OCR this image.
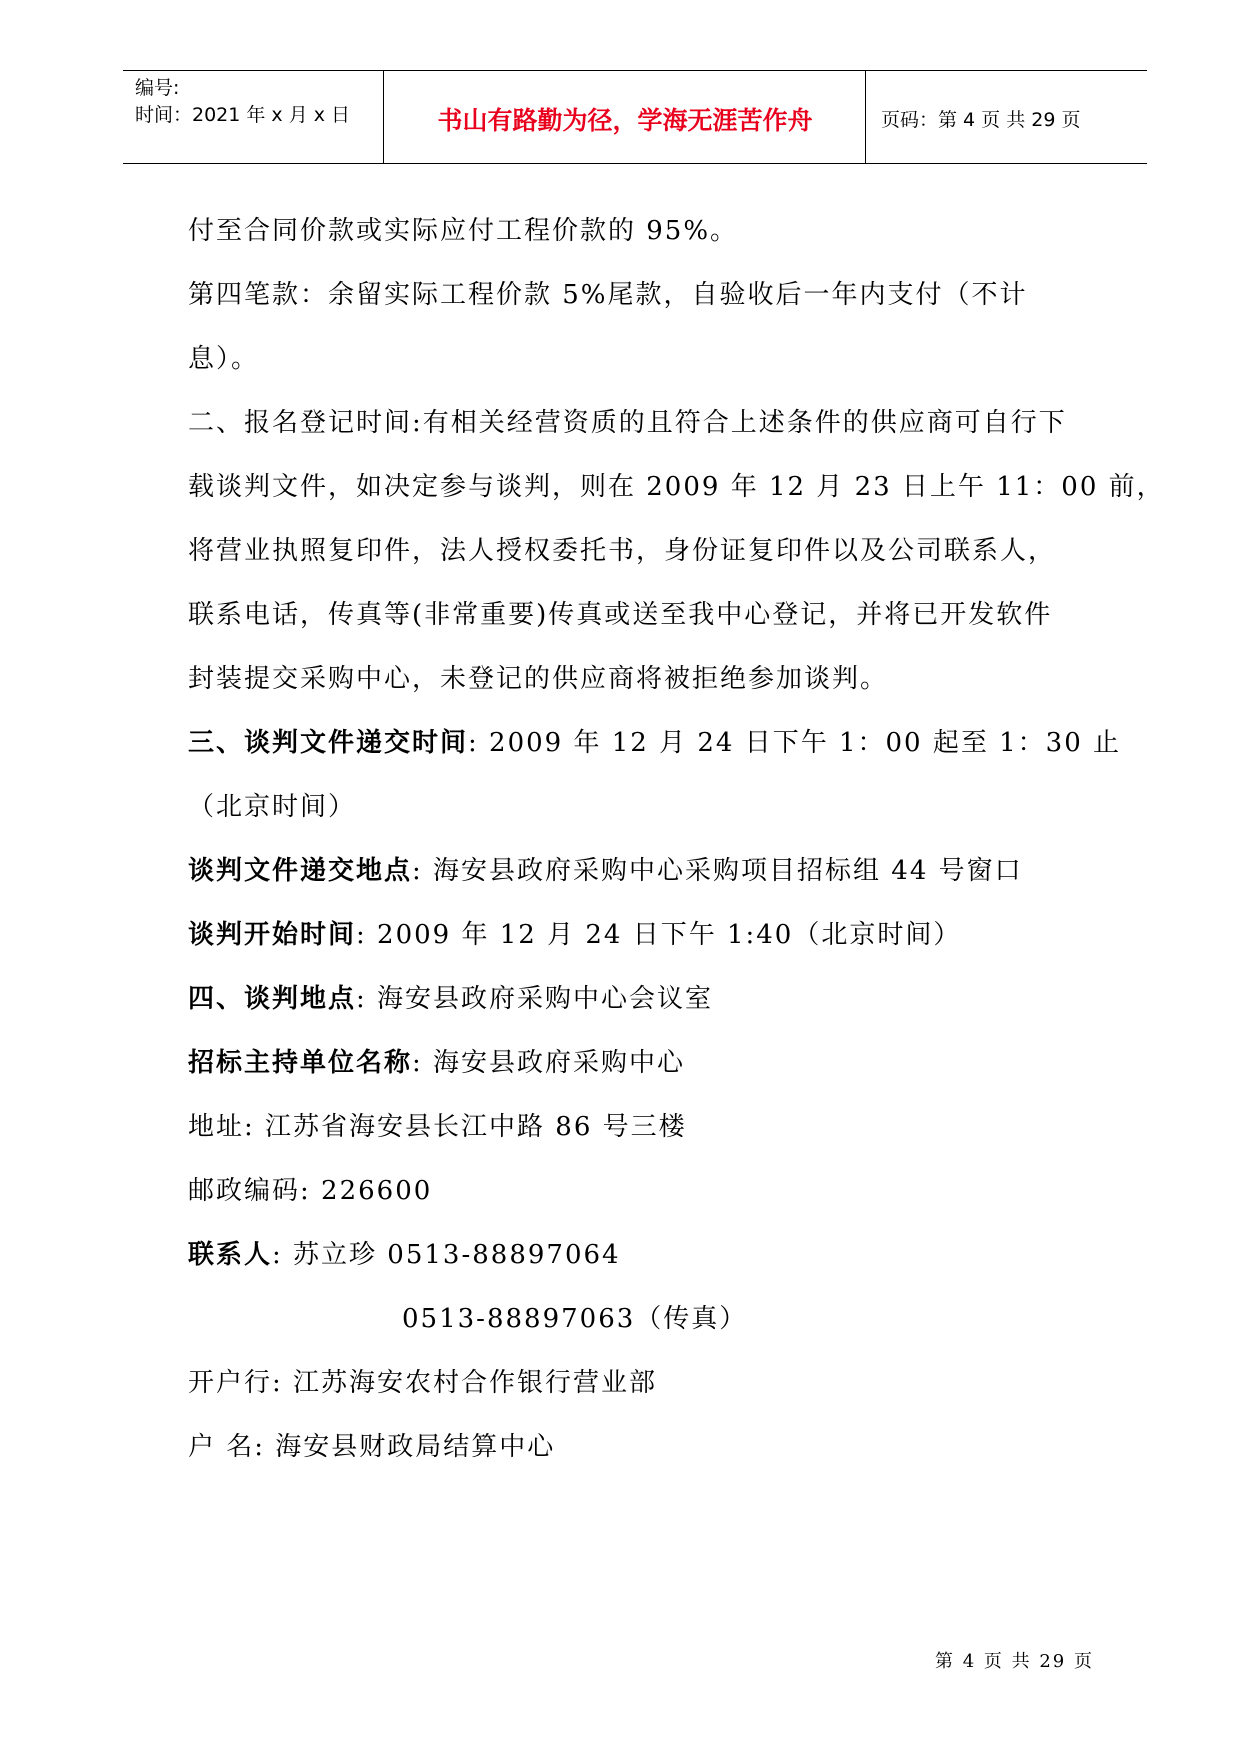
编号:
时间：2021 年 x 月 x 日	书山有路勤为径，学海无涯苦作舟	页码：第 4 页 共 29 页
付至合同价款或实际应付工程价款的 95%。
第四笔款：余留实际工程价款 5%尾款，自验收后一年内支付（不计
息）。
二、报名登记时间:有相关经营资质的且符合上述条件的供应商可自行下
载谈判文件，如决定参与谈判，则在 2009 年 12 月 23 日上午 11：00 前，
将营业执照复印件，法人授权委托书，身份证复印件以及公司联系人，
联系电话，传真等(非常重要)传真或送至我中心登记，并将已开发软件
封装提交采购中心，未登记的供应商将被拒绝参加谈判。
三、谈判文件递交时间: 2009 年 12 月 24 日下午 1：00 起至 1：30 止
（北京时间）
谈判文件递交地点: 海安县政府采购中心采购项目招标组 44 号窗口
谈判开始时间: 2009 年 12 月 24 日下午 1:40（北京时间）
四、谈判地点: 海安县政府采购中心会议室
招标主持单位名称: 海安县政府采购中心
地址: 江苏省海安县长江中路 86 号三楼
邮政编码: 226600
联系人: 苏立珍 0513-88897064
0513-88897063（传真）
开户行: 江苏海安农村合作银行营业部
户 名: 海安县财政局结算中心
第 4 页 共 29 页
